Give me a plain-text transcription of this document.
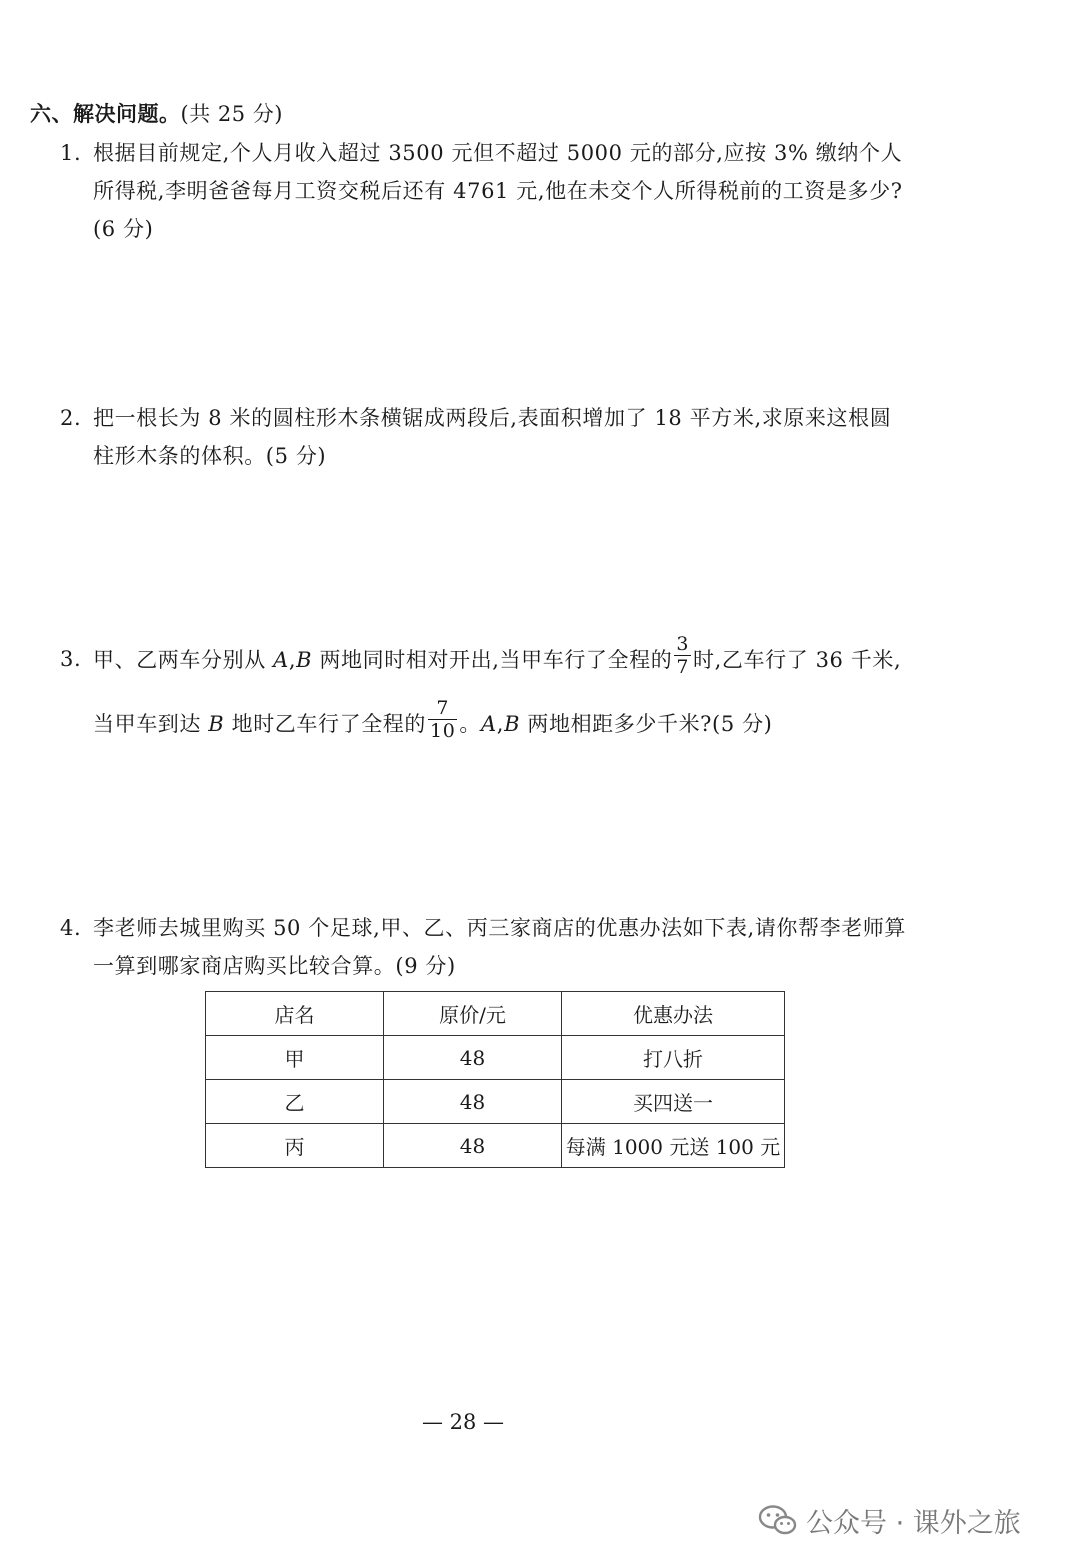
六、解决问题。(共 25 分)
1. 根据目前规定,个人月收入超过 3500 元但不超过 5000 元的部分,应按 3% 缴纳个人所得税,李明爸爸每月工资交税后还有 4761 元,他在未交个人所得税前的工资是多少?(6 分)
2. 把一根长为 8 米的圆柱形木条横锯成两段后,表面积增加了 18 平方米,求原来这根圆柱形木条的体积。(5 分)
3. 甲、乙两车分别从 A,B 两地同时相对开出,当甲车行了全程的 $\frac{3}{7}$ 时,乙车行了 36 千米,当甲车到达 B 地时乙车行了全程的 $\frac{7}{10}$ 。A,B 两地相距多少千米?(5 分)
4. 李老师去城里购买 50 个足球,甲、乙、丙三家商店的优惠办法如下表,请你帮李老师算一算到哪家商店购买比较合算。(9 分)
店名	原价/元	优惠办法
甲	48	打八折
乙	48	买四送一
丙	48	每满 1000 元送 100 元
— 28 —
公众号 · 课外之旅
